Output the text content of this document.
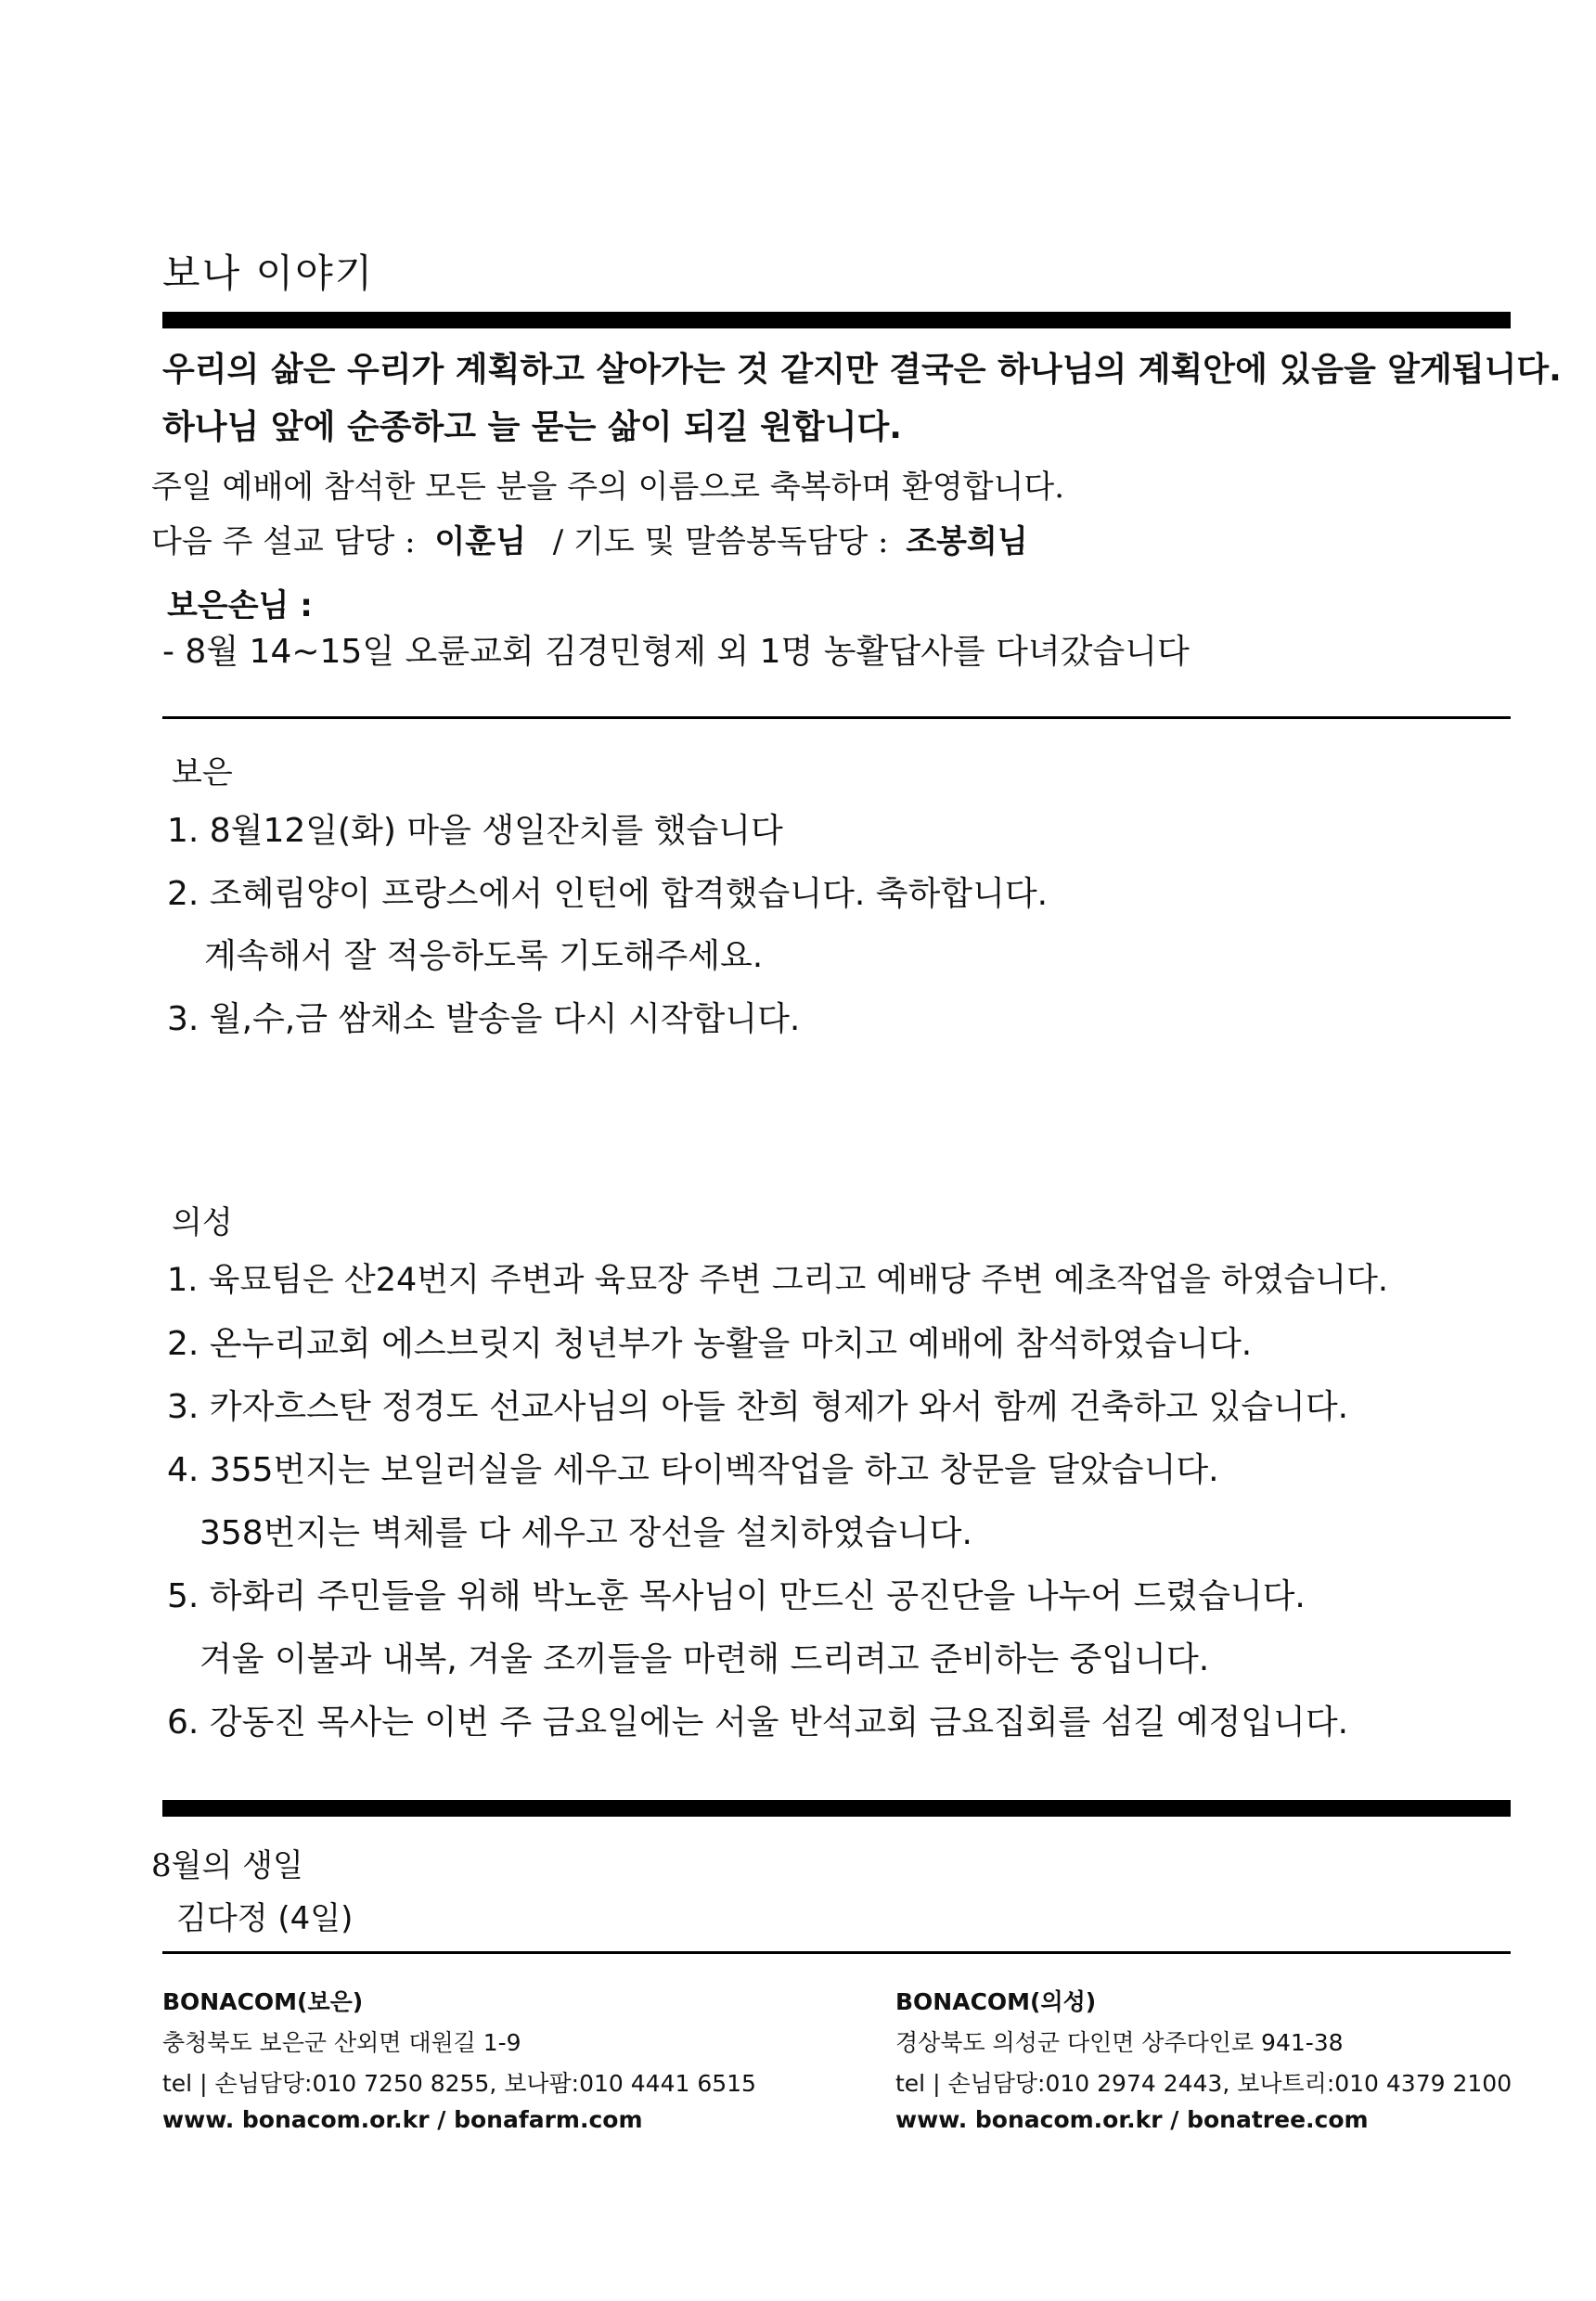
보나 이야기
우리의 삶은 우리가 계획하고 살아가는 것 같지만 결국은 하나님의 계획안에 있음을 알게됩니다.
하나님 앞에 순종하고 늘 묻는 삶이 되길 원합니다.
주일 예배에 참석한 모든 분을 주의 이름으로 축복하며 환영합니다.
다음 주 설교 담당 : 이훈님 / 기도 및 말씀봉독담당 : 조봉희님
보은손님 :
- 8월 14~15일 오륜교회 김경민형제 외 1명 농활답사를 다녀갔습니다
보은
1. 8월12일(화) 마을 생일잔치를 했습니다
2. 조혜림양이 프랑스에서 인턴에 합격했습니다. 축하합니다.
계속해서 잘 적응하도록 기도해주세요.
3. 월,수,금 쌈채소 발송을 다시 시작합니다.
의성
1. 육묘팀은 산24번지 주변과 육묘장 주변 그리고 예배당 주변 예초작업을 하였습니다.
2. 온누리교회 에스브릿지 청년부가 농활을 마치고 예배에 참석하였습니다.
3. 카자흐스탄 정경도 선교사님의 아들 찬희 형제가 와서 함께 건축하고 있습니다.
4. 355번지는 보일러실을 세우고 타이벡작업을 하고 창문을 달았습니다.
358번지는 벽체를 다 세우고 장선을 설치하였습니다.
5. 하화리 주민들을 위해 박노훈 목사님이 만드신 공진단을 나누어 드렸습니다.
겨울 이불과 내복, 겨울 조끼들을 마련해 드리려고 준비하는 중입니다.
6. 강동진 목사는 이번 주 금요일에는 서울 반석교회 금요집회를 섬길 예정입니다.
8월의 생일
김다정 (4일)
BONACOM(보은)
충청북도 보은군 산외면 대원길 1-9
tel | 손님담당:010 7250 8255, 보나팜:010 4441 6515
www. bonacom.or.kr / bonafarm.com
BONACOM(의성)
경상북도 의성군 다인면 상주다인로 941-38
tel | 손님담당:010 2974 2443, 보나트리:010 4379 2100
www. bonacom.or.kr / bonatree.com
